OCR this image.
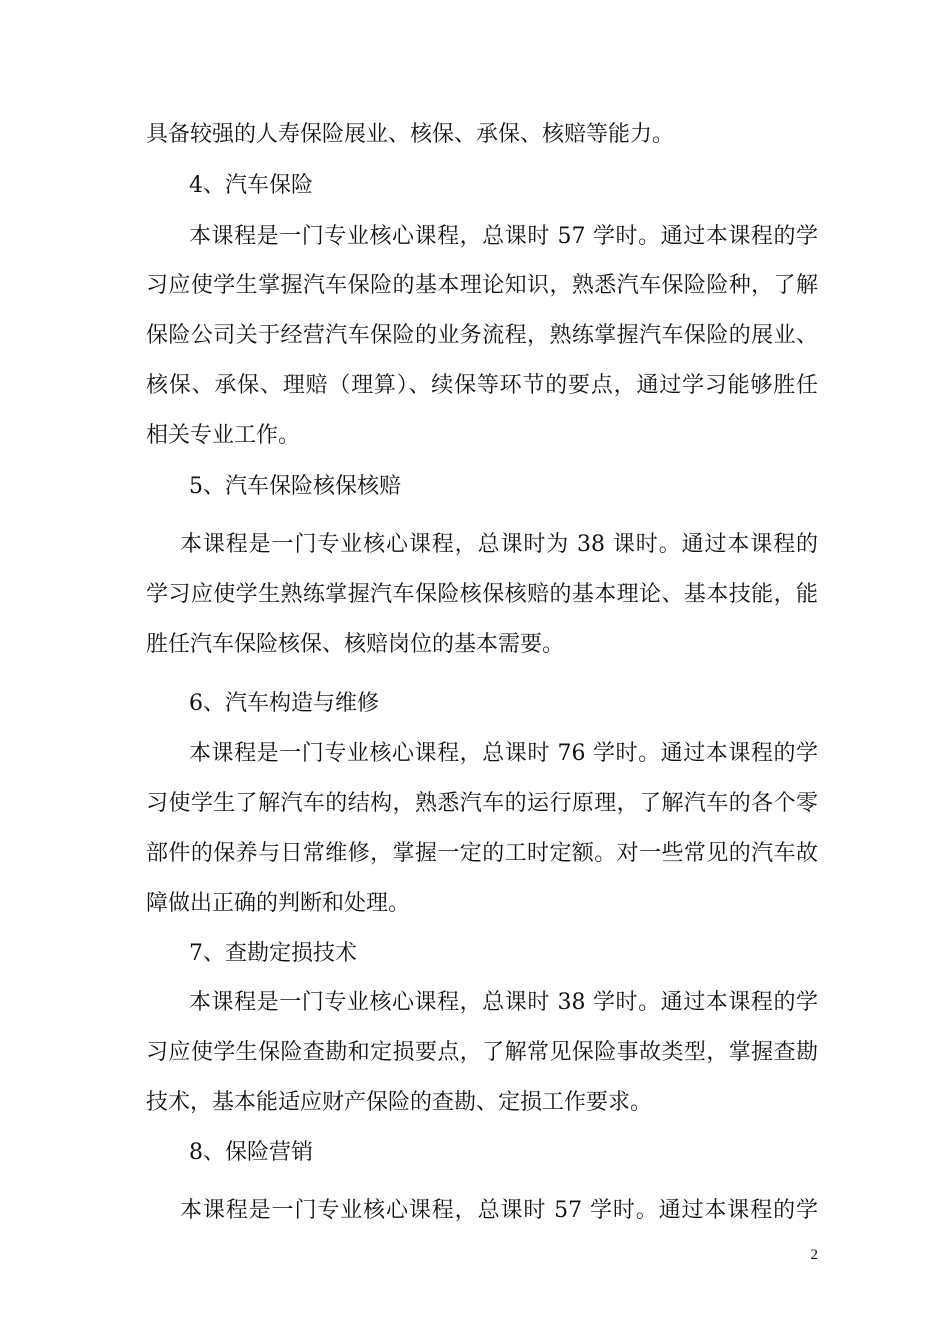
具备较强的人寿保险展业、核保、承保、核赔等能力。
4、汽车保险
本课程是一门专业核心课程，总课时 57 学时。通过本课程的学
习应使学生掌握汽车保险的基本理论知识，熟悉汽车保险险种，了解
保险公司关于经营汽车保险的业务流程，熟练掌握汽车保险的展业、
核保、承保、理赔（理算）、续保等环节的要点，通过学习能够胜任
相关专业工作。
5、汽车保险核保核赔
本课程是一门专业核心课程，总课时为 38 课时。通过本课程的
学习应使学生熟练掌握汽车保险核保核赔的基本理论、基本技能，能
胜任汽车保险核保、核赔岗位的基本需要。
6、汽车构造与维修
本课程是一门专业核心课程，总课时 76 学时。通过本课程的学
习使学生了解汽车的结构，熟悉汽车的运行原理，了解汽车的各个零
部件的保养与日常维修，掌握一定的工时定额。对一些常见的汽车故
障做出正确的判断和处理。
7、查勘定损技术
本课程是一门专业核心课程，总课时 38 学时。通过本课程的学
习应使学生保险查勘和定损要点，了解常见保险事故类型，掌握查勘
技术，基本能适应财产保险的查勘、定损工作要求。
8、保险营销
本课程是一门专业核心课程，总课时 57 学时。通过本课程的学
2
